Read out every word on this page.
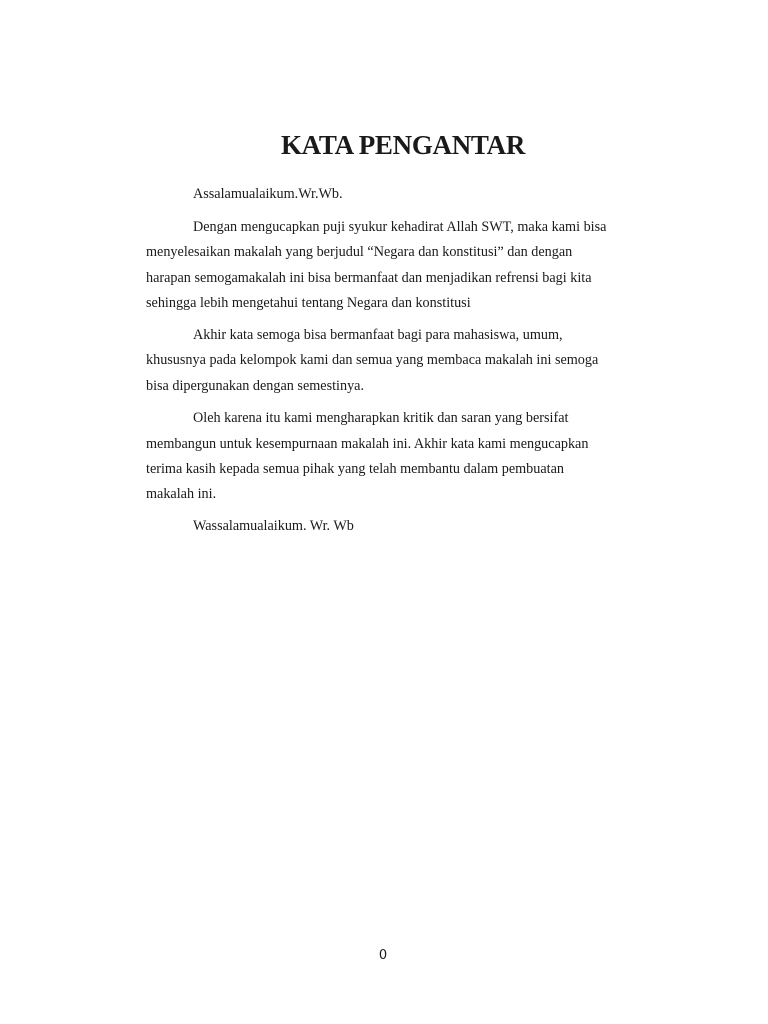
KATA PENGANTAR

Assalamualaikum.Wr.Wb.

Dengan mengucapkan puji syukur kehadirat Allah SWT, maka kami bisa

menyelesaikan makalah yang berjudul “Negara dan konstitusi” dan dengan

harapan semogamakalah ini bisa bermanfaat dan menjadikan refrensi bagi kita

sehingga lebih mengetahui tentang Negara dan konstitusi

Akhir kata semoga bisa bermanfaat bagi para mahasiswa, umum,

khususnya pada kelompok kami dan semua yang membaca makalah ini semoga

bisa dipergunakan dengan semestinya.

Oleh karena itu kami mengharapkan kritik dan saran yang bersifat

membangun untuk kesempurnaan makalah ini. Akhir kata kami mengucapkan

terima kasih kepada semua pihak yang telah membantu dalam pembuatan

makalah ini.

Wassalamualaikum. Wr. Wb

0
